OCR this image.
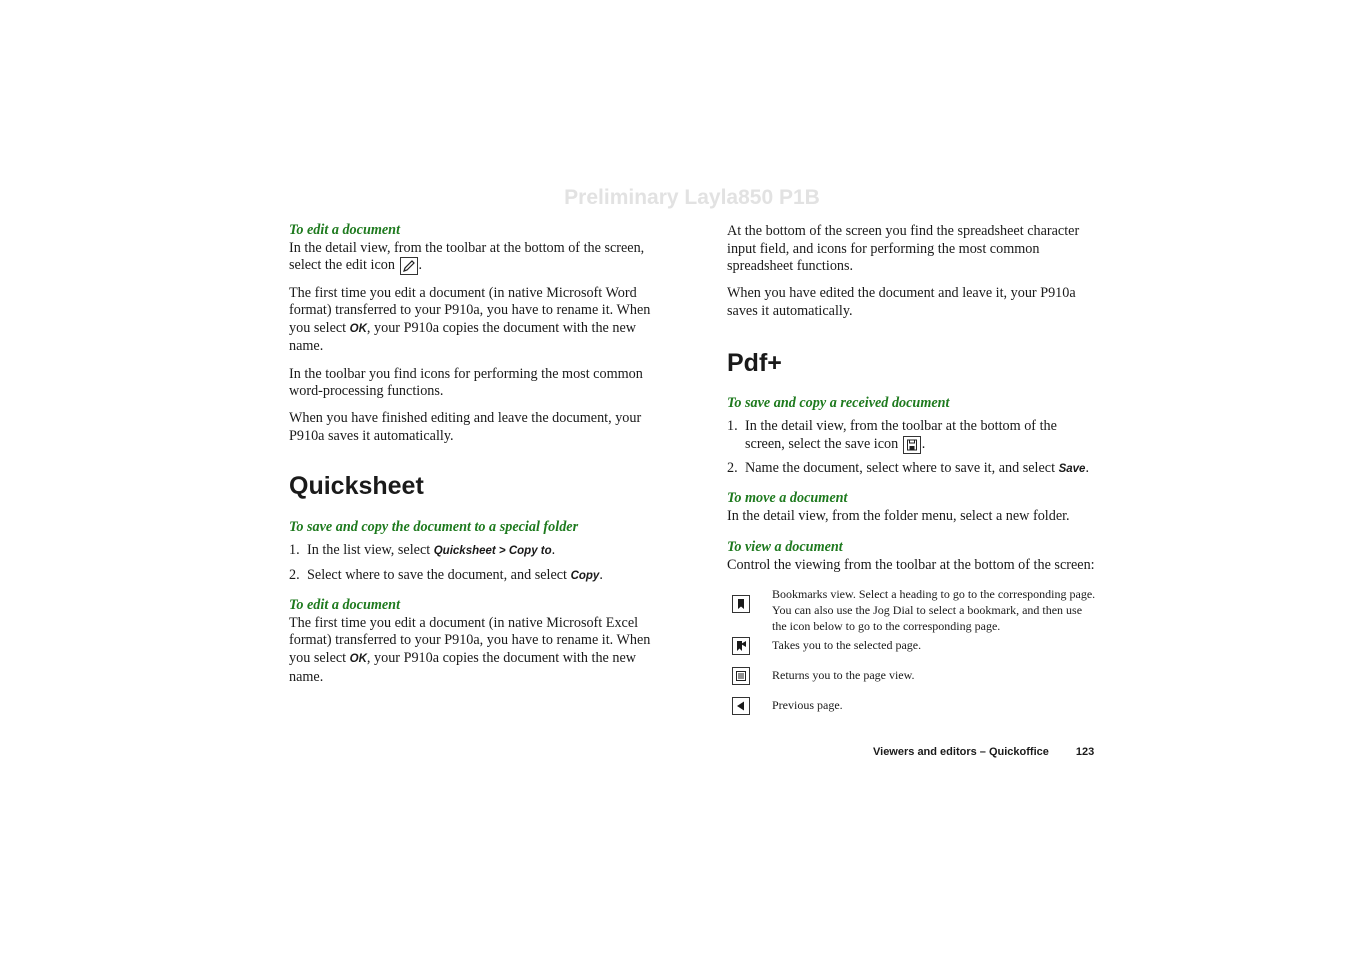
Preliminary Layla850 P1B
To edit a document

In the detail view, from the toolbar at the bottom of the screen, select the edit icon .

The first time you edit a document (in native Microsoft Word format) transferred to your P910a, you have to rename it. When you select OK, your P910a copies the document with the new name.

In the toolbar you find icons for performing the most common word-processing functions.

When you have finished editing and leave the document, your P910a saves it automatically.

Quicksheet
To save and copy the document to a special folder
1. In the list view, select Quicksheet > Copy to.
2. Select where to save the document, and select Copy.
To edit a document

The first time you edit a document (in native Microsoft Excel format) transferred to your P910a, you have to rename it. When you select OK, your P910a copies the document with the new name.

At the bottom of the screen you find the spreadsheet character input field, and icons for performing the most common spreadsheet functions.

When you have edited the document and leave it, your P910a saves it automatically.

Pdf+
To save and copy a received document
1. In the detail view, from the toolbar at the bottom of the screen, select the save icon .
2. Name the document, select where to save it, and select Save.
To move a document

In the detail view, from the folder menu, select a new folder.

To view a document

Control the viewing from the toolbar at the bottom of the screen:

Bookmarks view. Select a heading to go to the corresponding page. You can also use the Jog Dial to select a bookmark, and then use the icon below to go to the corresponding page.
Takes you to the selected page.
Returns you to the page view.
Previous page.
Viewers and editors – Quickoffice 123
